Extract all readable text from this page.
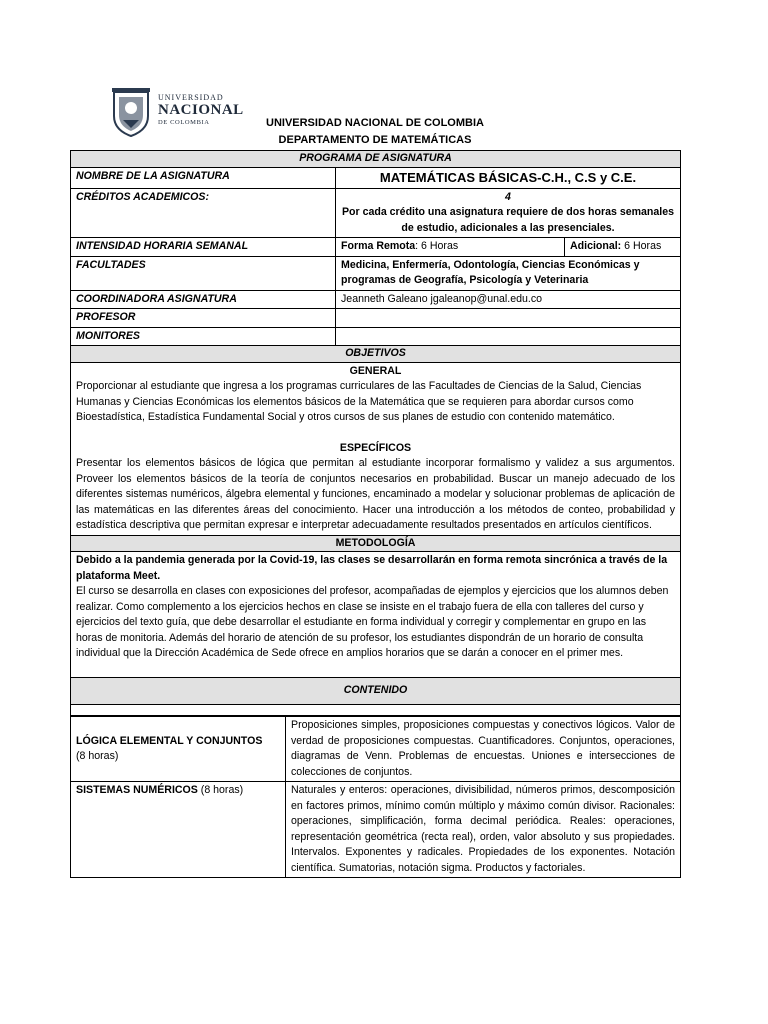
UNIVERSIDAD
NACIONAL
DE COLOMBIA	UNIVERSIDAD NACIONAL DE COLOMBIA
DEPARTAMENTO DE MATEMÁTICAS
PROGRAMA DE ASIGNATURA		
NOMBRE DE LA ASIGNATURA	MATEMÁTICAS BÁSICAS-C.H., C.S y C.E.	
CRÉDITOS ACADEMICOS:	4
Por cada crédito una asignatura requiere de dos horas semanales de estudio, adicionales a las presenciales.	

INTENSIDAD HORARIA SEMANAL	Forma Remota: 6 Horas	Adicional: 6 Horas
FACULTADES	Medicina, Enfermería, Odontología, Ciencias Económicas y programas de Geografía, Psicología y Veterinaria	
COORDINADORA ASIGNATURA	Jeanneth Galeano jgaleanop@unal.edu.co	
PROFESOR		
MONITORES		
OBJETIVOS		

GENERAL
Proporcionar al estudiante que ingresa a los programas curriculares de las Facultades de Ciencias de la Salud, Ciencias Humanas y Ciencias Económicas los elementos básicos de la Matemática que se requieren para abordar cursos como Bioestadística, Estadística Fundamental Social y otros cursos de sus planes de estudio con contenido matemático.
ESPECÍFICOS
Presentar los elementos básicos de lógica que permitan al estudiante incorporar formalismo y validez a sus argumentos. Proveer los elementos básicos de la teoría de conjuntos necesarios en probabilidad. Buscar un manejo adecuado de los diferentes sistemas numéricos, álgebra elemental y funciones, encaminado a modelar y solucionar problemas de aplicación de las matemáticas en las diferentes áreas del conocimiento. Hacer una introducción a los métodos de conteo, probabilidad y estadística descriptiva que permitan expresar e interpretar adecuadamente resultados presentados en artículos científicos.		

METODOLOGÍA		

Debido a la pandemia generada por la Covid-19, las clases se desarrollarán en forma remota sincrónica a través de la plataforma Meet.
El curso se desarrolla en clases con exposiciones del profesor, acompañadas de ejemplos y ejercicios que los alumnos deben realizar. Como complemento a los ejercicios hechos en clase se insiste en el trabajo fuera de ella con talleres del curso y ejercicios del texto guía, que debe desarrollar el estudiante en forma individual y corregir y complementar en grupo en las horas de monitoria. Además del horario de atención de su profesor, los estudiantes dispondrán de un horario de consulta individual que la Dirección Académica de Sede ofrece en amplios horarios que se darán a conocer en el primer mes.		

CONTENIDO		

LÓGICA ELEMENTAL Y CONJUNTOS
(8 horas)	Proposiciones simples, proposiciones compuestas y conectivos lógicos. Valor de verdad de proposiciones compuestas. Cuantificadores. Conjuntos, operaciones, diagramas de Venn. Problemas de encuestas. Uniones e intersecciones de colecciones de conjuntos.
SISTEMAS NUMÉRICOS (8 horas)	Naturales y enteros: operaciones, divisibilidad, números primos, descomposición en factores primos, mínimo común múltiplo y máximo común divisor. Racionales: operaciones, simplificación, forma decimal periódica. Reales: operaciones, representación geométrica (recta real), orden, valor absoluto y sus propiedades. Intervalos. Exponentes y radicales. Propiedades de los exponentes. Notación científica. Sumatorias, notación sigma. Productos y factoriales.
